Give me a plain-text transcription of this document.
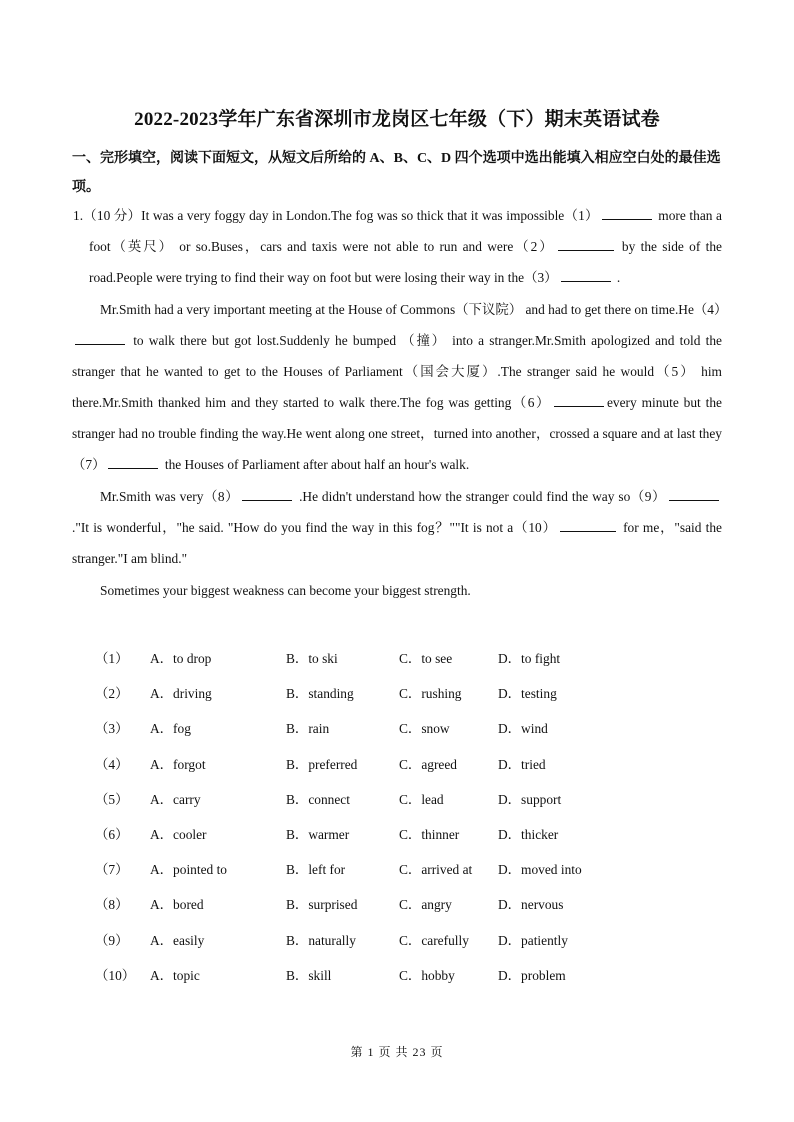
2022-2023学年广东省深圳市龙岗区七年级（下）期末英语试卷
一、完形填空，阅读下面短文，从短文后所给的 A、B、C、D 四个选项中选出能填入相应空白处的最佳选项。
1.（10 分）It was a very foggy day in London.The fog was so thick that it was impossible（1）	more than a foot（英尺） or so.Buses，cars and taxis were not able to run and were（2）	by the side of the road.People were trying to find their way on foot but were losing their way in the（3）	.
Mr.Smith had a very important meeting at the House of Commons（下议院） and had to get there on time.He（4） to walk there but got lost.Suddenly he bumped （撞） into a stranger.Mr.Smith apologized and told the stranger that he wanted to get to the Houses of Parliament（国会大厦）.The stranger said he would（5） him there.Mr.Smith thanked him and they started to walk there.The fog was getting（6）	every minute but the stranger had no trouble finding the way.He went along one street，turned into another，crossed a square and at last they（7）	the Houses of Parliament after about half an hour's walk.
Mr.Smith was very（8）	.He didn't understand how the stranger could find the way so（9） ."It is wonderful，"he said. "How do you find the way in this fog？""It is not a（10）	for me，"said the stranger."I am blind."
Sometimes your biggest weakness can become your biggest strength.
（1） A．to drop	B．to ski	C．to see	D．to fight
（2） A．driving	B．standing	C．rushing	D．testing
（3） A．fog	B．rain	C．snow	D．wind
（4） A．forgot	B．preferred	C．agreed	D．tried
（5） A．carry	B．connect	C．lead	D．support
（6） A．cooler	B．warmer	C．thinner	D．thicker
（7） A．pointed to	B．left for	C．arrived at D．moved into
（8） A．bored	B．surprised	C．angry	D．nervous
（9） A．easily	B．naturally	C．carefully D．patiently
（10） A．topic	B．skill	C．hobby	D．problem
第 1 页 共 23 页
